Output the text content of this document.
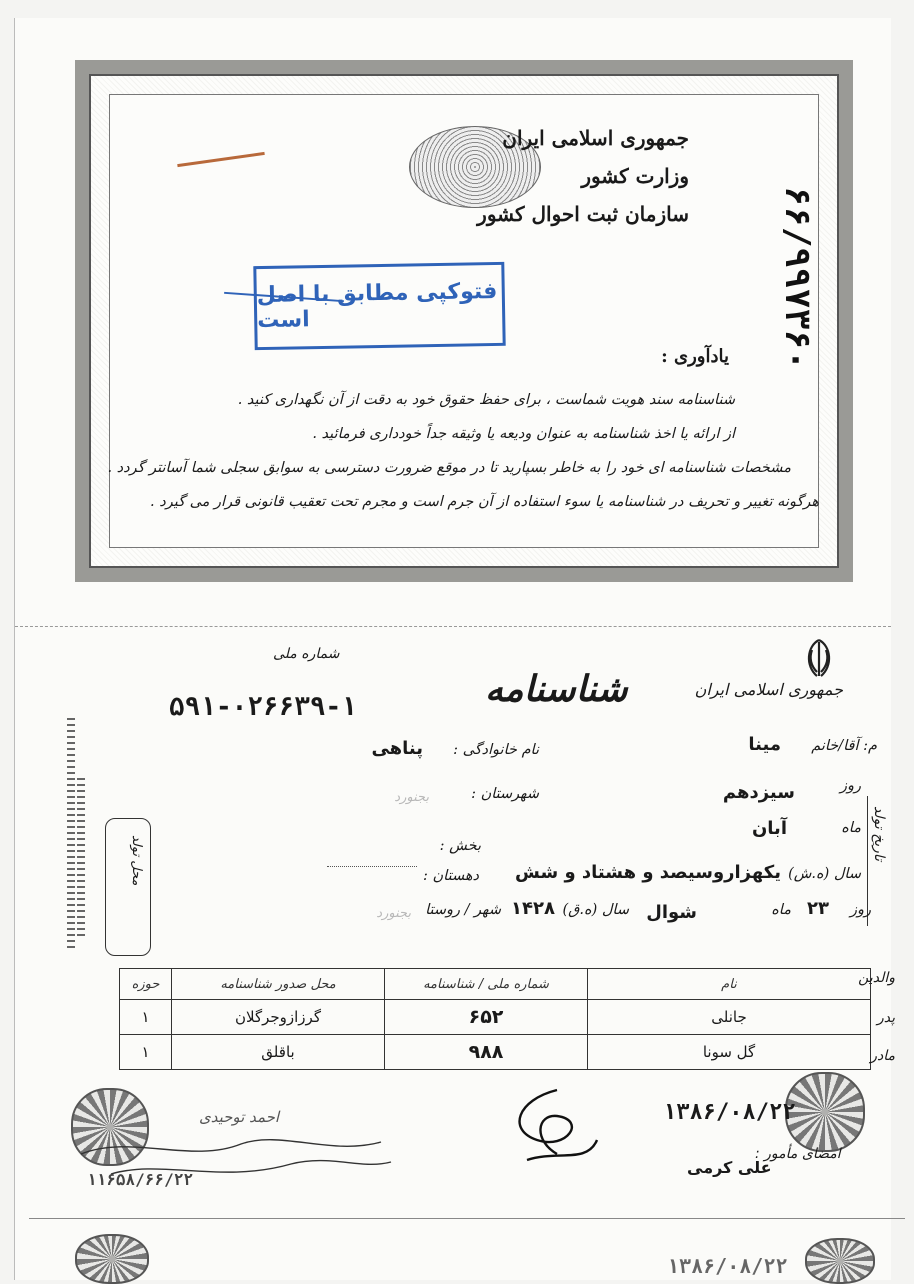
جمهوری اسلامی ایران
وزارت کشور
سازمان ثبت احوال کشور	۶۶/۹۹۷۳۶۰
فتوکپی مطابق با اصل است
یادآوری :
شناسنامه سند هویت شماست ، برای حفظ حقوق خود به دقت از آن نگهداری کنید .
از ارائه یا اخذ شناسنامه به عنوان ودیعه یا وثیقه جداً خودداری فرمائید .
مشخصات شناسنامه ای خود را به خاطر بسپارید تا در موقع ضرورت دسترسی به سوابق سجلی شما آسانتر گردد .
هرگونه تغییر و تحریف در شناسنامه یا سوء استفاده از آن جرم است و مجرم تحت تعقیب قانونی قرار می گیرد .
جمهوری اسلامی ایران
شناسنامه
شماره ملی
۵۹۱-۰۲۶۶۳۹-۱
م: آقا/خانم
مینا
نام خانوادگی :
پناهی
تاریخ تولد
روز
سیزدهم
شهرستان :
بجنورد
ماه
آبان
بخش :
سال (ه.ش)
یکهزاروسیصد و هشتاد و شش
دهستان :
روز
۲۳
ماه
شوال
سال (ه.ق)
۱۴۲۸
شهر / روستا
بجنورد
محل تولد
نام	شماره ملی / شناسنامه	محل صدور شناسنامه	حوزه
جانلی	۶۵۲	گرزازوجرگلان	۱
گل سونا	۹۸۸	باقلق	۱
والدین
پدر
مادر
احمد توحیدی
۱۱۶۵۸/۶۶/۲۲
۱۳۸۶/۰۸/۲۲
امضای مأمور :
علی کرمی
۱۳۸۶/۰۸/۲۲
